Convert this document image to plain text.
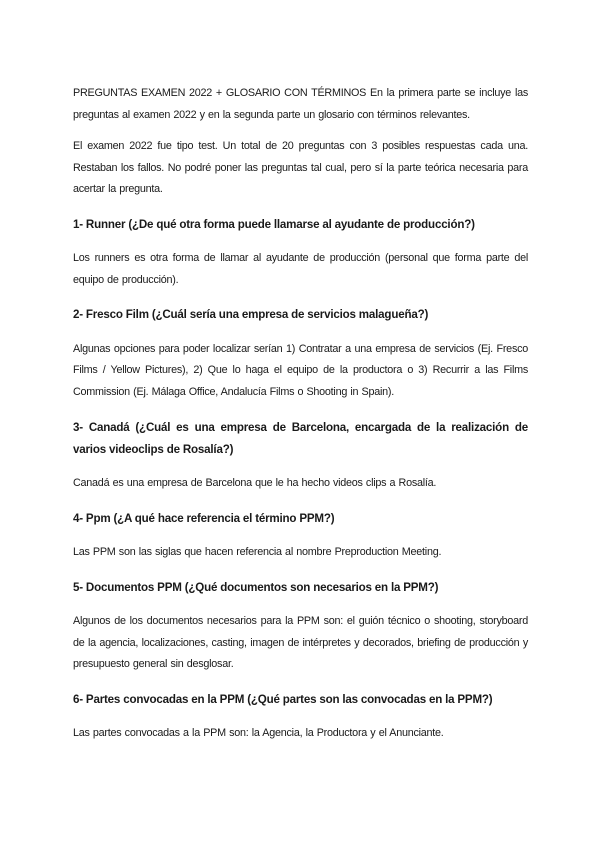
PREGUNTAS EXAMEN 2022 + GLOSARIO CON TÉRMINOS En la primera parte se incluye las preguntas al examen 2022 y en la segunda parte un glosario con términos relevantes.

El examen 2022 fue tipo test. Un total de 20 preguntas con 3 posibles respuestas cada una. Restaban los fallos. No podré poner las preguntas tal cual, pero sí la parte teórica necesaria para acertar la pregunta.

1- Runner (¿De qué otra forma puede llamarse al ayudante de producción?)

Los runners es otra forma de llamar al ayudante de producción (personal que forma parte del equipo de producción).

2- Fresco Film (¿Cuál sería una empresa de servicios malagueña?)

Algunas opciones para poder localizar serían 1) Contratar a una empresa de servicios (Ej. Fresco Films / Yellow Pictures), 2) Que lo haga el equipo de la productora o 3) Recurrir a las Films Commission (Ej. Málaga Office, Andalucía Films o Shooting in Spain).

3- Canadá (¿Cuál es una empresa de Barcelona, encargada de la realización de varios videoclips de Rosalía?)

Canadá es una empresa de Barcelona que le ha hecho videos clips a Rosalía.

4- Ppm (¿A qué hace referencia el término PPM?)

Las PPM son las siglas que hacen referencia al nombre Preproduction Meeting.

5- Documentos PPM (¿Qué documentos son necesarios en la PPM?)

Algunos de los documentos necesarios para la PPM son: el guión técnico o shooting, storyboard de la agencia, localizaciones, casting, imagen de intérpretes y decorados, briefing de producción y presupuesto general sin desglosar.

6- Partes convocadas en la PPM (¿Qué partes son las convocadas en la PPM?)

Las partes convocadas a la PPM son: la Agencia, la Productora y el Anunciante.
